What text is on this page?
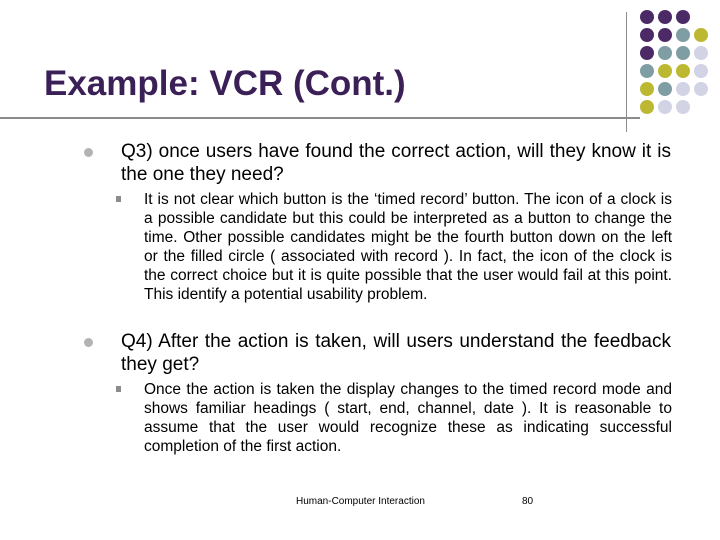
Example: VCR (Cont.)
Q3) once users have found the correct action, will they know it is the one they need?
It is not clear which button is the ‘timed record’ button. The icon of a clock is a possible candidate but this could be interpreted as a button to change the time. Other possible candidates might be the fourth button down on the left or the filled circle ( associated with record ). In fact, the icon of the clock is the correct choice but it is quite possible that the user would fail at this point. This identify a potential usability problem.
Q4) After the action is taken, will users understand the feedback they get?
Once the action is taken the display changes to the timed record mode and shows familiar headings ( start, end, channel, date ). It is reasonable to assume that the user would recognize these as indicating successful completion of the first action.
Human-Computer Interaction	80
